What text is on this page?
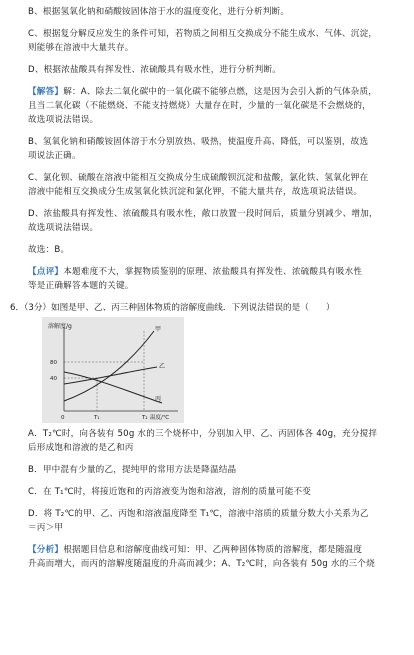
B、根据氢氧化钠和硝酸铵固体溶于水的温度变化，进行分析判断。

C、根据复分解反应发生的条件可知，若物质之间相互交换成分不能生成水、气体、沉淀，

则能够在溶液中大量共存。

D、根据浓盐酸具有挥发性、浓硫酸具有吸水性，进行分析判断。

【解答】解：A、除去二氧化碳中的一氧化碳不能够点燃，这是因为会引入新的气体杂质，

且当二氧化碳（不能燃烧、不能支持燃烧）大量存在时，少量的一氧化碳是不会燃烧的，

故选项说法错误。

B、氢氧化钠和硝酸铵固体溶于水分别放热、吸热，使温度升高、降低，可以鉴别，故选

项说法正确。

C、氯化钡、硫酸在溶液中能相互交换成分生成硫酸钡沉淀和盐酸，氯化铁、氢氧化钾在

溶液中能相互交换成分生成氢氧化铁沉淀和氯化钾，不能大量共存，故选项说法错误。

D、浓盐酸具有挥发性、浓硫酸具有吸水性，敞口放置一段时间后，质量分别减少、增加，

故选项说法错误。

故选：B。

【点评】本题难度不大，掌握物质鉴别的原理、浓盐酸具有挥发性、浓硫酸具有吸水性

等是正确解答本题的关键。

6．（3分）如图是甲、乙、丙三种固体物质的溶解度曲线．下列说法错误的是（　　）

溶解度/g
80
40
0	T₁	T₂ 温度/℃
甲
乙
丙

A．T₂℃时，向各装有 50g 水的三个烧杯中，分别加入甲、乙、丙固体各 40g，充分搅拌

后形成饱和溶液的是乙和丙

B．甲中混有少量的乙，提纯甲的常用方法是降温结晶

C．在 T₁℃时，将接近饱和的丙溶液变为饱和溶液，溶剂的质量可能不变

D．将 T₂℃的甲、乙、丙饱和溶液温度降至 T₁℃，溶液中溶质的质量分数大小关系为乙

＝丙＞甲

【分析】根据题目信息和溶解度曲线可知：甲、乙两种固体物质的溶解度，都是随温度

升高而增大，而丙的溶解度随温度的升高而减少；A、T₂℃时，向各装有 50g 水的三个烧
